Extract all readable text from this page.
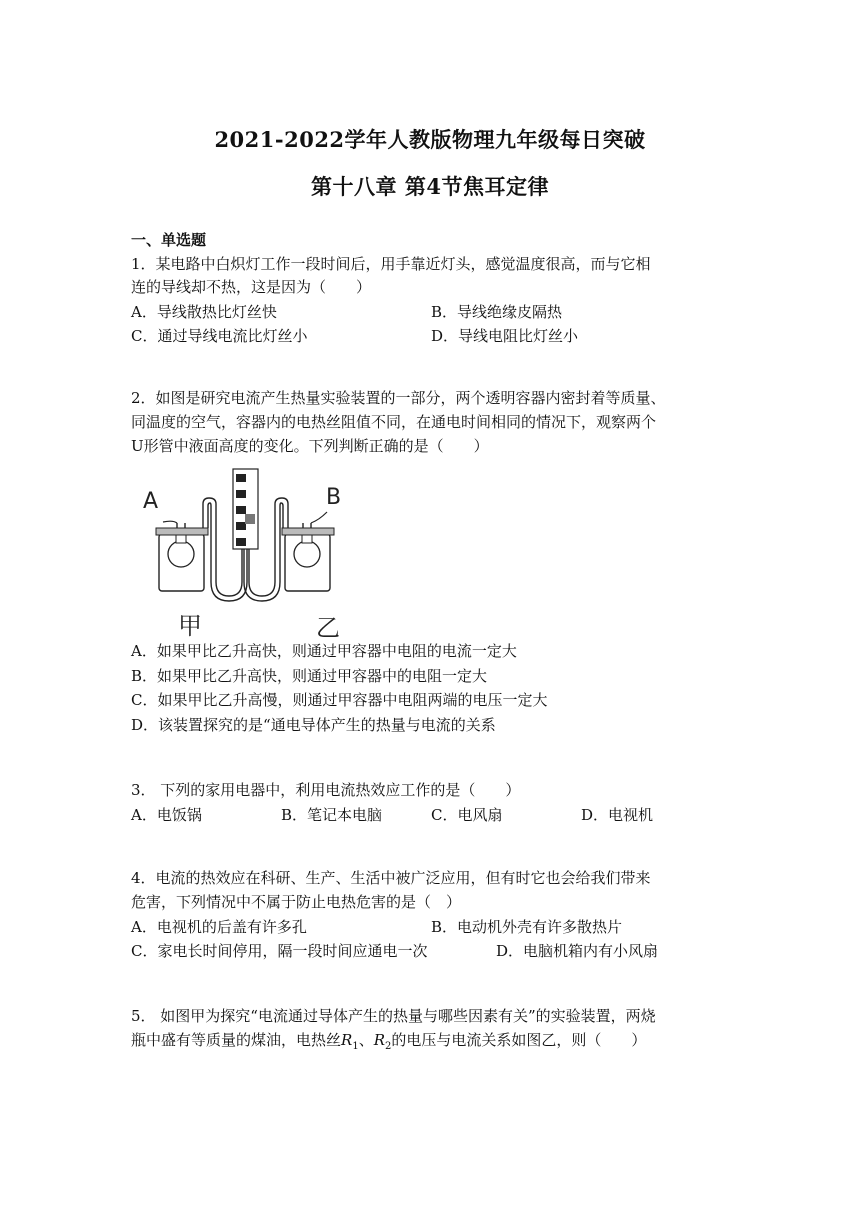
2021-2022学年人教版物理九年级每日突破
第十八章 第4节焦耳定律
一、单选题
1．某电路中白炽灯工作一段时间后，用手靠近灯头，感觉温度很高，而与它相
连的导线却不热，这是因为（　　）
A．导线散热比灯丝快	B．导线绝缘皮隔热
C．通过导线电流比灯丝小	D．导线电阻比灯丝小
2．如图是研究电流产生热量实验装置的一部分，两个透明容器内密封着等质量、
同温度的空气，容器内的电热丝阻值不同，在通电时间相同的情况下，观察两个
U形管中液面高度的变化。下列判断正确的是（　　）
A	B
甲	乙
A．如果甲比乙升高快，则通过甲容器中电阻的电流一定大
B．如果甲比乙升高快，则通过甲容器中的电阻一定大
C．如果甲比乙升高慢，则通过甲容器中电阻两端的电压一定大
D．该装置探究的是“通电导体产生的热量与电流的关系
3． 下列的家用电器中，利用电流热效应工作的是（　　）
A．电饭锅	B．笔记本电脑	C．电风扇	D．电视机
4．电流的热效应在科研、生产、生活中被广泛应用，但有时它也会给我们带来
危害，下列情况中不属于防止电热危害的是（　）
A．电视机的后盖有许多孔	B．电动机外壳有许多散热片
C．家电长时间停用，隔一段时间应通电一次	D．电脑机箱内有小风扇
5． 如图甲为探究“电流通过导体产生的热量与哪些因素有关”的实验装置，两烧
瓶中盛有等质量的煤油，电热丝$R_1$、$R_2$的电压与电流关系如图乙，则（　　）
